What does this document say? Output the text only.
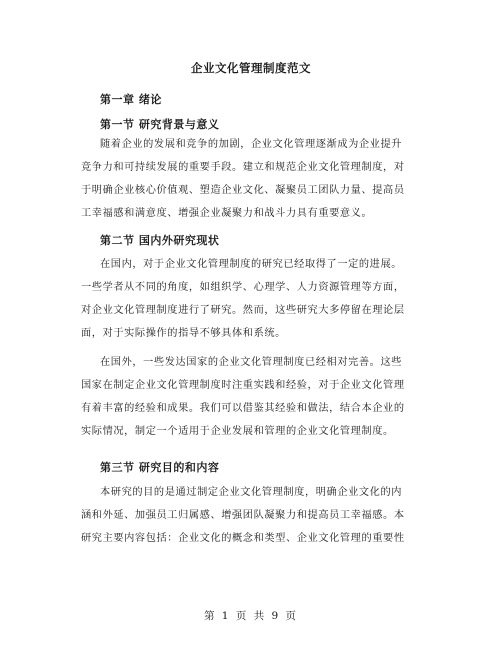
企业文化管理制度范文
第一章 绪论
第一节 研究背景与意义
随着企业的发展和竞争的加剧，企业文化管理逐渐成为企业提升
竞争力和可持续发展的重要手段。建立和规范企业文化管理制度，对
于明确企业核心价值观、塑造企业文化、凝聚员工团队力量、提高员
工幸福感和满意度、增强企业凝聚力和战斗力具有重要意义。
第二节 国内外研究现状
在国内，对于企业文化管理制度的研究已经取得了一定的进展。
一些学者从不同的角度，如组织学、心理学、人力资源管理等方面，
对企业文化管理制度进行了研究。然而，这些研究大多停留在理论层
面，对于实际操作的指导不够具体和系统。
在国外，一些发达国家的企业文化管理制度已经相对完善。这些
国家在制定企业文化管理制度时注重实践和经验，对于企业文化管理
有着丰富的经验和成果。我们可以借鉴其经验和做法，结合本企业的
实际情况，制定一个适用于企业发展和管理的企业文化管理制度。
第三节 研究目的和内容
本研究的目的是通过制定企业文化管理制度，明确企业文化的内
涵和外延、加强员工归属感、增强团队凝聚力和提高员工幸福感。本
研究主要内容包括：企业文化的概念和类型、企业文化管理的重要性
第 1 页 共 9 页
